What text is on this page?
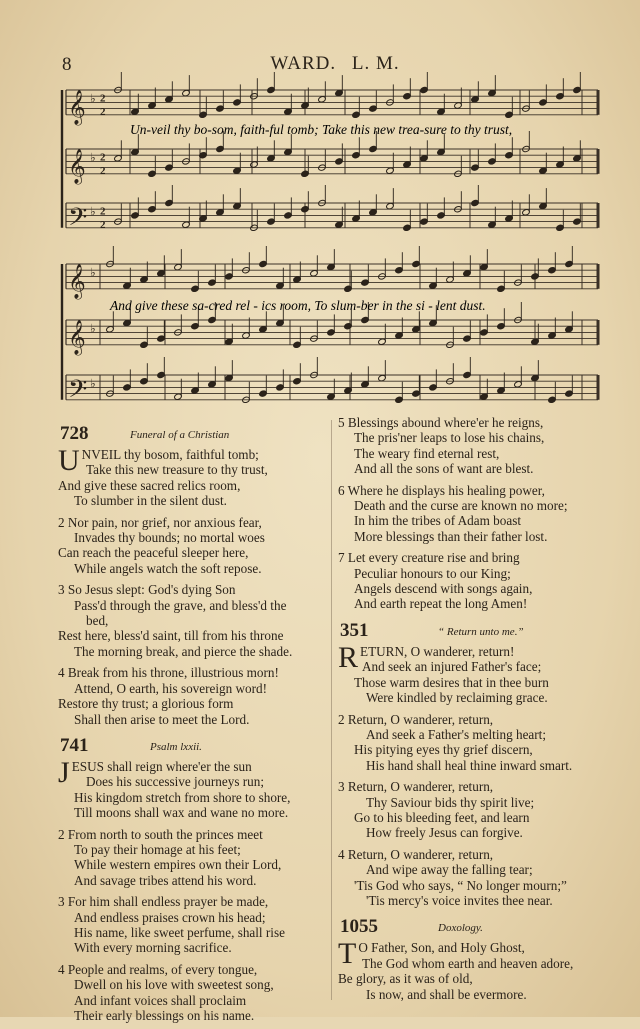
8	WARD. L. M.
𝄞 ♭ 2
2
𝄞 ♭ 2
2
𝄢 ♭ 2
2
𝄞 ♭
𝄞 ♭
𝄢 ♭
Un-veil thy bo-som, faith-ful tomb; Take this new trea-sure to thy trust,
And give these sa-cred rel - ics room, To slum-ber in the si - lent dust.
728	Funeral of a Christian
UNVEIL thy bosom, faithful tomb;
Take this new treasure to thy trust,
And give these sacred relics room,
To slumber in the silent dust.
2 Nor pain, nor grief, nor anxious fear,
Invades thy bounds; no mortal woes
Can reach the peaceful sleeper here,
While angels watch the soft repose.
3 So Jesus slept: God's dying Son
Pass'd through the grave, and bless'd the
bed,
Rest here, bless'd saint, till from his throne
The morning break, and pierce the shade.
4 Break from his throne, illustrious morn!
Attend, O earth, his sovereign word!
Restore thy trust; a glorious form
Shall then arise to meet the Lord.
741	Psalm lxxii.
JESUS shall reign where'er the sun
Does his successive journeys run;
His kingdom stretch from shore to shore,
Till moons shall wax and wane no more.
2 From north to south the princes meet
To pay their homage at his feet;
While western empires own their Lord,
And savage tribes attend his word.
3 For him shall endless prayer be made,
And endless praises crown his head;
His name, like sweet perfume, shall rise
With every morning sacrifice.
4 People and realms, of every tongue,
Dwell on his love with sweetest song,
And infant voices shall proclaim
Their early blessings on his name.
5 Blessings abound where'er he reigns,
The pris'ner leaps to lose his chains,
The weary find eternal rest,
And all the sons of want are blest.
6 Where he displays his healing power,
Death and the curse are known no more;
In him the tribes of Adam boast
More blessings than their father lost.
7 Let every creature rise and bring
Peculiar honours to our King;
Angels descend with songs again,
And earth repeat the long Amen!
351	“ Return unto me.”
RETURN, O wanderer, return!
And seek an injured Father's face;
Those warm desires that in thee burn
Were kindled by reclaiming grace.
2 Return, O wanderer, return,
And seek a Father's melting heart;
His pitying eyes thy grief discern,
His hand shall heal thine inward smart.
3 Return, O wanderer, return,
Thy Saviour bids thy spirit live;
Go to his bleeding feet, and learn
How freely Jesus can forgive.
4 Return, O wanderer, return,
And wipe away the falling tear;
'Tis God who says, “ No longer mourn;”
'Tis mercy's voice invites thee near.
1055	Doxology.
T O Father, Son, and Holy Ghost,
The God whom earth and heaven adore,
Be glory, as it was of old,
Is now, and shall be evermore.
